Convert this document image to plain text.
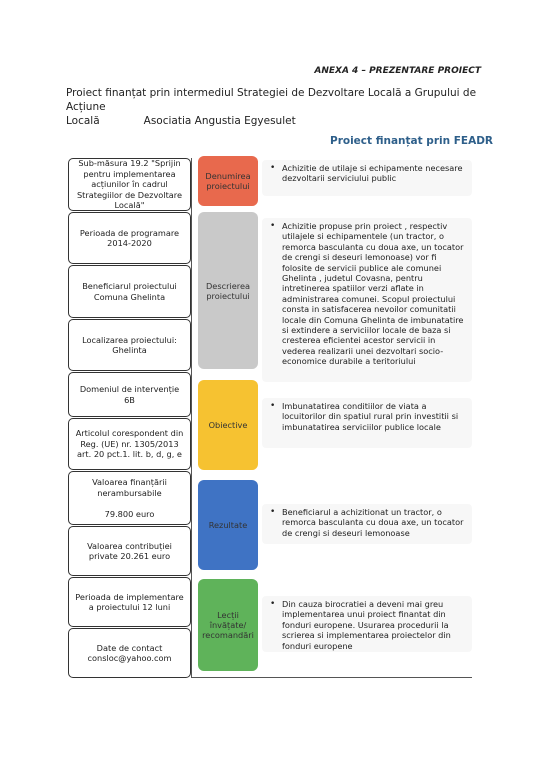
ANEXA 4 – PREZENTARE PROIECT
Proiect finanțat prin intermediul Strategiei de Dezvoltare Locală a Grupului de Acțiune
Locală	Asociatia Angustia Egyesulet
Proiect finanțat prin FEADR
Sub-măsura 19.2 "Sprijin pentru implementarea acțiunilor în cadrul Strategiilor de Dezvoltare Locală"
Perioada de programare 2014-2020
Beneficiarul proiectului
Comuna Ghelinta
Localizarea proiectului:
Ghelinta
Domeniul de intervenție
6B
Articolul corespondent din Reg. (UE) nr. 1305/2013 art. 20 pct.1. lit. b, d, g, e
Valoarea finanțării nerambursabile

79.800 euro
Valoarea contribuției
private 20.261 euro
Perioada de implementare a proiectului 12 luni
Date de contact
consloc@yahoo.com
Denumirea
proiectului
Descrierea
proiectului
Obiective
Rezultate
Lecții
învățate/
recomandări
• Achizitie de utilaje si echipamente necesare dezvoltarii serviciului public
• Achizitie propuse prin proiect , respectiv utilajele si echipamentele (un tractor, o remorca basculanta cu doua axe, un tocator de crengi si deseuri lemonoase) vor fi folosite de servicii publice ale comunei Ghelinta , judetul Covasna, pentru intretinerea spatiilor verzi aflate in administrarea comunei. Scopul proiectului consta in satisfacerea nevoilor comunitatii locale din Comuna Ghelinta de imbunatatire si extindere a serviciilor locale de baza si cresterea eficientei acestor servicii in vederea realizarii unei dezvoltari socio-economice durabile a teritoriului
• Imbunatatirea conditiilor de viata a locuitorilor din spatiul rural prin investitii si imbunatatirea serviciilor publice locale
• Beneficiarul a achizitionat un tractor, o remorca basculanta cu doua axe, un tocator de crengi si deseuri lemonoase
• Din cauza birocratiei a deveni mai greu implementarea unui proiect finantat din fonduri europene. Usurarea procedurii la scrierea si implementarea proiectelor din fonduri europene
